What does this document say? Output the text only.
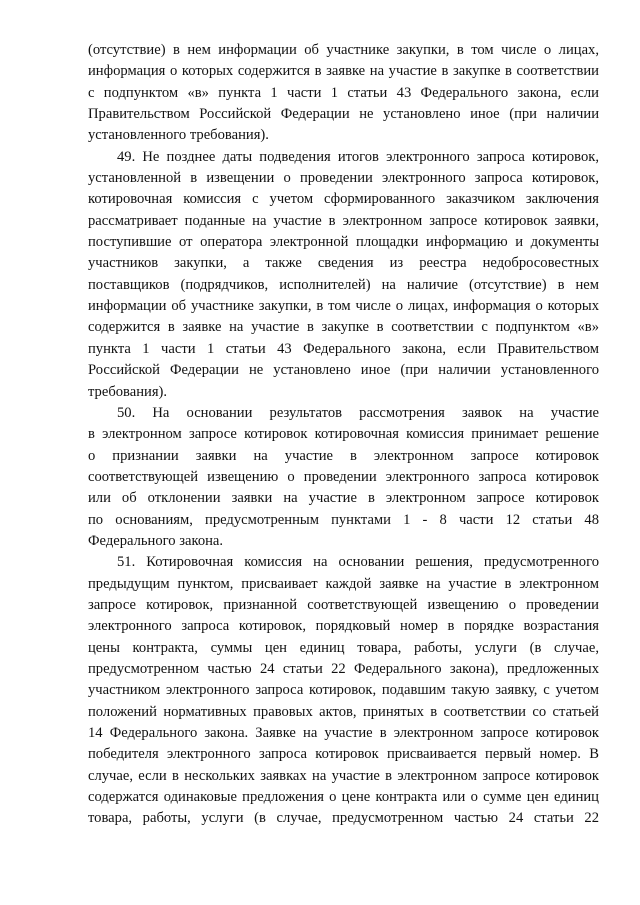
(отсутствие) в нем информации об участнике закупки, в том числе о лицах,
информация о которых содержится в заявке на участие в закупке в соответствии
с подпунктом «в» пункта 1 части 1 статьи 43 Федерального закона, если
Правительством Российской Федерации не установлено иное (при наличии
установленного требования).
49. Не позднее даты подведения итогов электронного запроса котировок,
установленной в извещении о проведении электронного запроса котировок,
котировочная комиссия с учетом сформированного заказчиком заключения
рассматривает поданные на участие в электронном запросе котировок заявки,
поступившие от оператора электронной площадки информацию и документы
участников закупки, а также сведения из реестра недобросовестных
поставщиков (подрядчиков, исполнителей) на наличие (отсутствие) в нем
информации об участнике закупки, в том числе о лицах, информация о которых
содержится в заявке на участие в закупке в соответствии с подпунктом «в»
пункта 1 части 1 статьи 43 Федерального закона, если Правительством
Российской Федерации не установлено иное (при наличии установленного
требования).
50. На основании результатов рассмотрения заявок на участие
в электронном запросе котировок котировочная комиссия принимает решение
о признании заявки на участие в электронном запросе котировок
соответствующей извещению о проведении электронного запроса котировок
или об отклонении заявки на участие в электронном запросе котировок
по основаниям, предусмотренным пунктами 1 - 8 части 12 статьи 48
Федерального закона.
51. Котировочная комиссия на основании решения, предусмотренного
предыдущим пунктом, присваивает каждой заявке на участие в электронном
запросе котировок, признанной соответствующей извещению о проведении
электронного запроса котировок, порядковый номер в порядке возрастания
цены контракта, суммы цен единиц товара, работы, услуги (в случае,
предусмотренном частью 24 статьи 22 Федерального закона), предложенных
участником электронного запроса котировок, подавшим такую заявку, с учетом
положений нормативных правовых актов, принятых в соответствии со статьей
14 Федерального закона. Заявке на участие в электронном запросе котировок
победителя электронного запроса котировок присваивается первый номер. В
случае, если в нескольких заявках на участие в электронном запросе котировок
содержатся одинаковые предложения о цене контракта или о сумме цен единиц
товара, работы, услуги (в случае, предусмотренном частью 24 статьи 22
